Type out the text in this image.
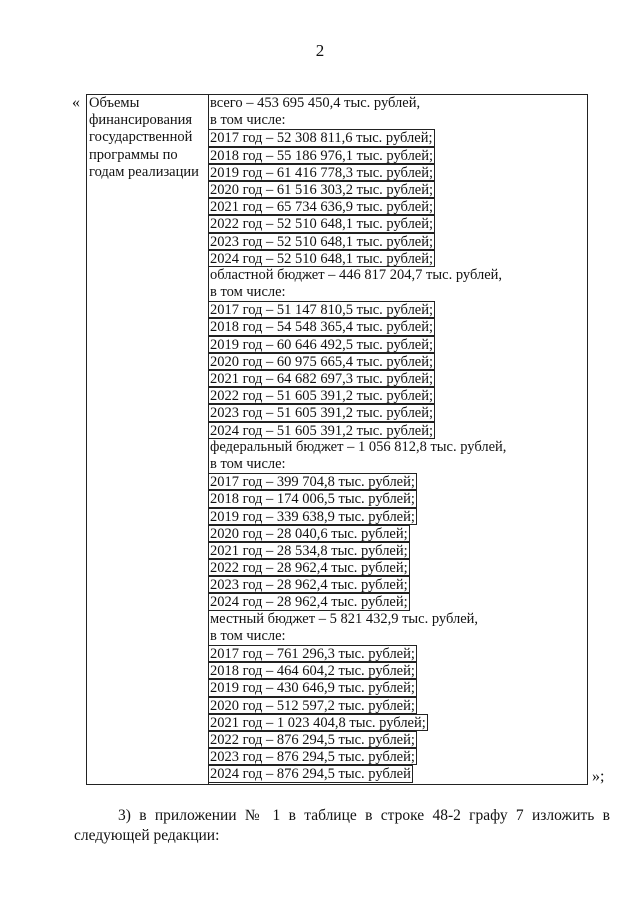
2
« Объемы финансирования государственной программы по годам реализации
всего – 453 695 450,4 тыс. рублей,
в том числе:
2017 год – 52 308 811,6 тыс. рублей;
2018 год – 55 186 976,1 тыс. рублей;
2019 год – 61 416 778,3 тыс. рублей;
2020 год – 61 516 303,2 тыс. рублей;
2021 год – 65 734 636,9 тыс. рублей;
2022 год – 52 510 648,1 тыс. рублей;
2023 год – 52 510 648,1 тыс. рублей;
2024 год – 52 510 648,1 тыс. рублей;
областной бюджет – 446 817 204,7 тыс. рублей,
в том числе:
2017 год – 51 147 810,5 тыс. рублей;
2018 год – 54 548 365,4 тыс. рублей;
2019 год – 60 646 492,5 тыс. рублей;
2020 год – 60 975 665,4 тыс. рублей;
2021 год – 64 682 697,3 тыс. рублей;
2022 год – 51 605 391,2 тыс. рублей;
2023 год – 51 605 391,2 тыс. рублей;
2024 год – 51 605 391,2 тыс. рублей;
федеральный бюджет – 1 056 812,8 тыс. рублей,
в том числе:
2017 год – 399 704,8 тыс. рублей;
2018 год – 174 006,5 тыс. рублей;
2019 год – 339 638,9 тыс. рублей;
2020 год – 28 040,6 тыс. рублей;
2021 год – 28 534,8 тыс. рублей;
2022 год – 28 962,4 тыс. рублей;
2023 год – 28 962,4 тыс. рублей;
2024 год – 28 962,4 тыс. рублей;
местный бюджет – 5 821 432,9 тыс. рублей,
в том числе:
2017 год – 761 296,3 тыс. рублей;
2018 год – 464 604,2 тыс. рублей;
2019 год – 430 646,9 тыс. рублей;
2020 год – 512 597,2 тыс. рублей;
2021 год – 1 023 404,8 тыс. рублей;
2022 год – 876 294,5 тыс. рублей;
2023 год – 876 294,5 тыс. рублей;
2024 год – 876 294,5 тыс. рублей	»;
3) в приложении № 1 в таблице в строке 48-2 графу 7 изложить в
следующей редакции:
